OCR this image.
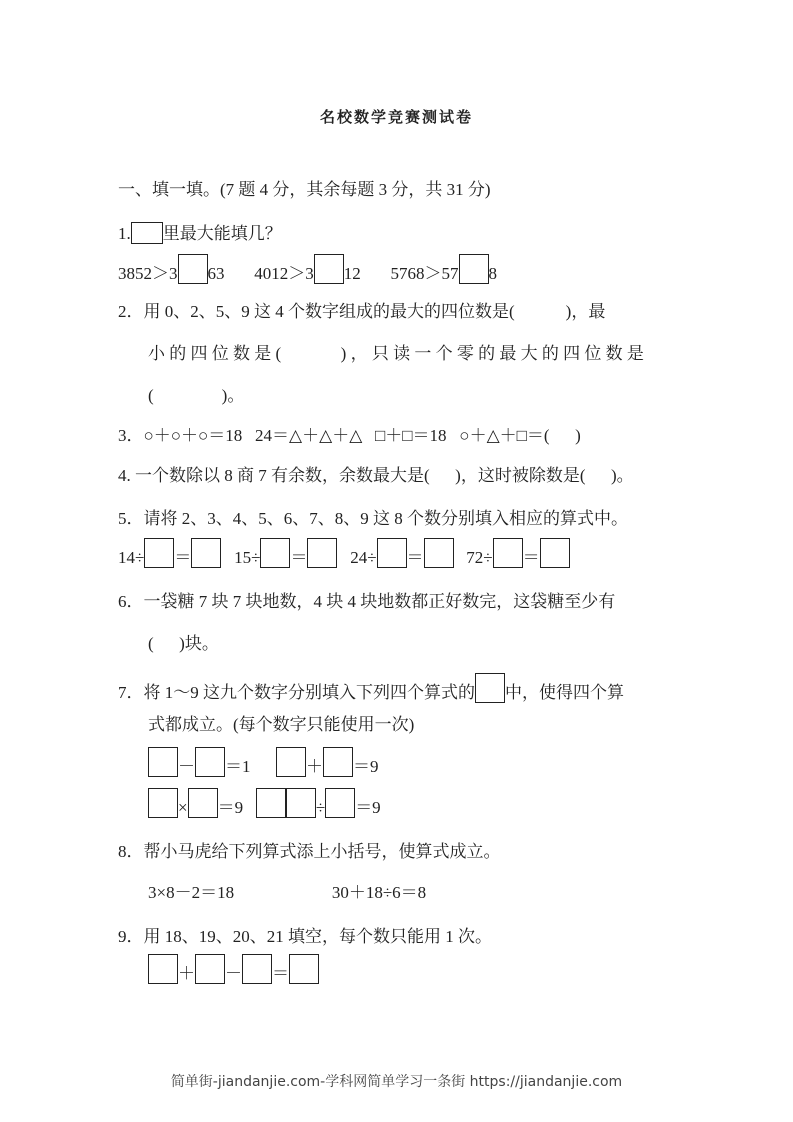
名校数学竞赛测试卷
一、填一填。(7 题 4 分，其余每题 3 分，共 31 分)
1. 里最大能填几？
3852＞3 63       4012＞3 12       5768＞57 8
2．用 0、2、5、9 这 4 个数字组成的最大的四位数是(            )，最
小 的 四 位 数 是 (              ) ， 只 读 一 个 零 的 最 大 的 四 位 数 是
(                )。
3．○＋○＋○＝18   24＝△＋△＋△   □＋□＝18   ○＋△＋□＝(      )
4. 一个数除以 8 商 7 有余数，余数最大是(      )，这时被除数是(      )。
5．请将 2、3、4、5、6、7、8、9 这 8 个数分别填入相应的算式中。
14÷ ＝ 15÷ ＝ 24÷ ＝ 72÷ ＝
6．一袋糖 7 块 7 块地数，4 块 4 块地数都正好数完，这袋糖至少有
(      )块。
7．将 1～9 这九个数字分别填入下列四个算式的 中，使得四个算
式都成立。(每个数字只能使用一次)
－ ＝1 ＋ ＝9
× ＝9	÷ ＝9
8．帮小马虎给下列算式添上小括号，使算式成立。
3×8－2＝18                       30＋18÷6＝8
9．用 18、19、20、21 填空，每个数只能用 1 次。
＋ － ＝
简单街-jiandanjie.com-学科网简单学习一条街 https://jiandanjie.com
